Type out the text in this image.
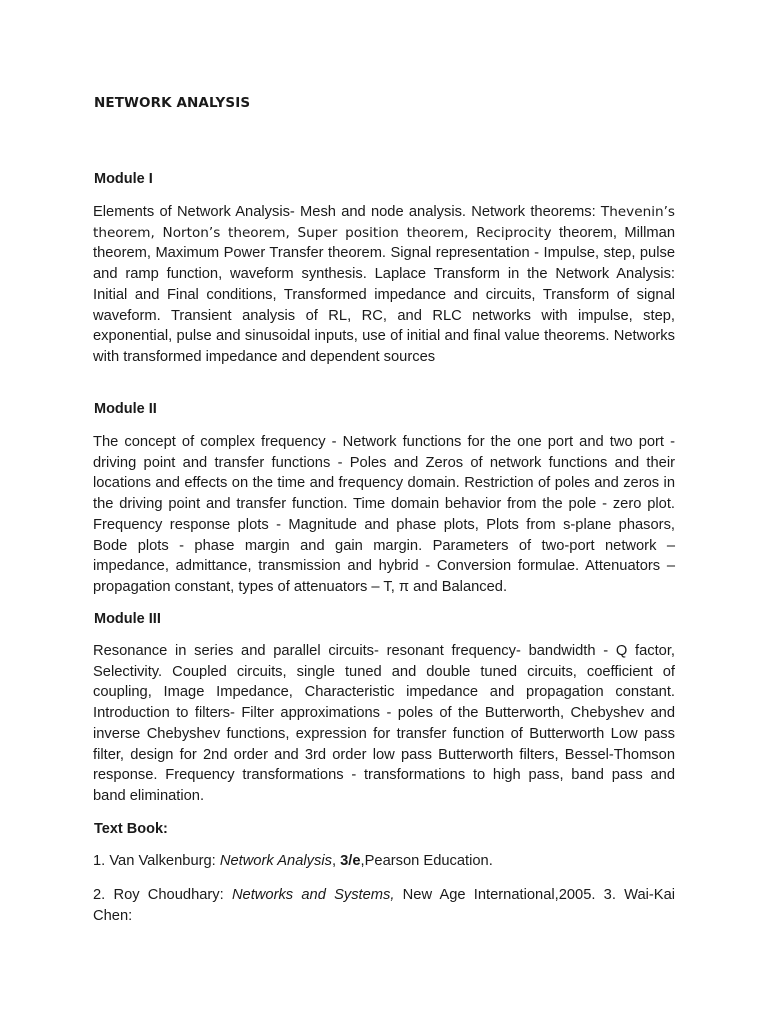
NETWORK ANALYSIS
Module I

Elements of Network Analysis- Mesh and node analysis. Network theorems: Thevenin’s theorem, Norton’s theorem, Super position theorem, Reciprocity theorem, Millman theorem, Maximum Power Transfer theorem. Signal representation - Impulse, step, pulse and ramp function, waveform synthesis. Laplace Transform in the Network Analysis: Initial and Final conditions, Transformed impedance and circuits, Transform of signal waveform. Transient analysis of RL, RC, and RLC networks with impulse, step, exponential, pulse and sinusoidal inputs, use of initial and final value theorems. Networks with transformed impedance and dependent sources

Module II

The concept of complex frequency - Network functions for the one port and two port - driving point and transfer functions - Poles and Zeros of network functions and their locations and effects on the time and frequency domain. Restriction of poles and zeros in the driving point and transfer function. Time domain behavior from the pole - zero plot. Frequency response plots - Magnitude and phase plots, Plots from s-plane phasors, Bode plots - phase margin and gain margin. Parameters of two-port network – impedance, admittance, transmission and hybrid - Conversion formulae. Attenuators – propagation constant, types of attenuators – T, π and Balanced.

Module III

Resonance in series and parallel circuits- resonant frequency- bandwidth - Q factor, Selectivity. Coupled circuits, single tuned and double tuned circuits, coefficient of coupling, Image Impedance, Characteristic impedance and propagation constant. Introduction to filters- Filter approximations - poles of the Butterworth, Chebyshev and inverse Chebyshev functions, expression for transfer function of Butterworth Low pass filter, design for 2nd order and 3rd order low pass Butterworth filters, Bessel-Thomson response. Frequency transformations - transformations to high pass, band pass and band elimination.

Text Book:

1. Van Valkenburg: Network Analysis, 3/e,Pearson Education.

2. Roy Choudhary: Networks and Systems, New Age International,2005. 3. Wai-Kai Chen:
